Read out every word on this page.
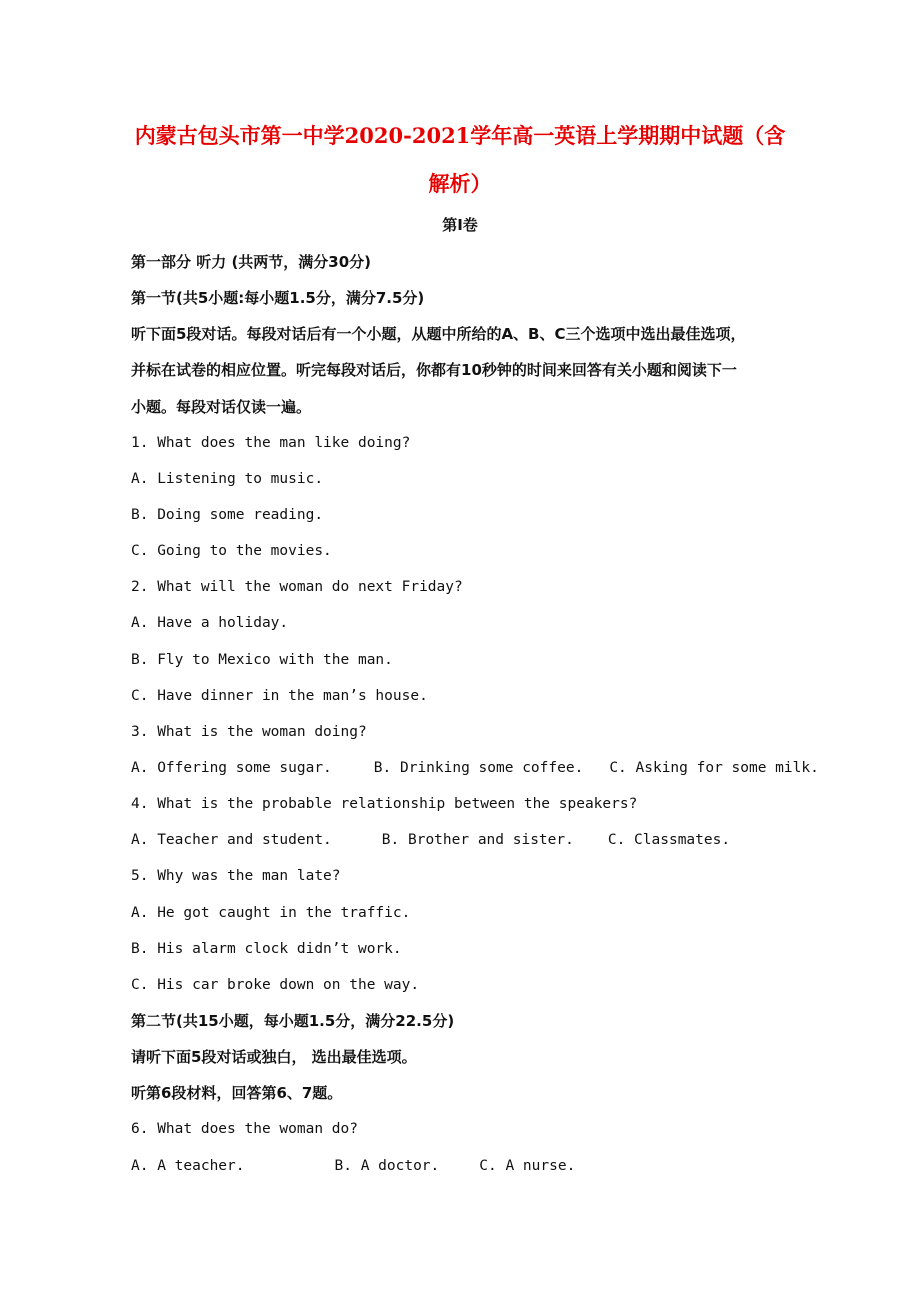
内蒙古包头市第一中学2020-2021学年高一英语上学期期中试题（含
解析）
第I卷
第一部分 听力 (共两节，满分30分)
第一节(共5小题:每小题1.5分，满分7.5分)
听下面5段对话。每段对话后有一个小题，从题中所给的A、B、C三个选项中选出最佳选项，
并标在试卷的相应位置。听完每段对话后，你都有10秒钟的时间来回答有关小题和阅读下一
小题。每段对话仅读一遍。
1. What does the man like doing?
A. Listening to music.
B. Doing some reading.
C. Going to the movies.
2. What will the woman do next Friday?
A. Have a holiday.
B. Fly to Mexico with the man.
C. Have dinner in the man’s house.
3. What is the woman doing?
A. Offering some sugar.	B. Drinking some coffee. C. Asking for some milk.
4. What is the probable relationship between the speakers?
A. Teacher and student.	B. Brother and sister. C. Classmates.
5. Why was the man late?
A. He got caught in the traffic.
B. His alarm clock didn’t work.
C. His car broke down on the way.
第二节(共15小题，每小题1.5分，满分22.5分)
请听下面5段对话或独白， 选出最佳选项。
听第6段材料，回答第6、7题。
6. What does the woman do?
A. A teacher.	B. A doctor.	C. A nurse.
